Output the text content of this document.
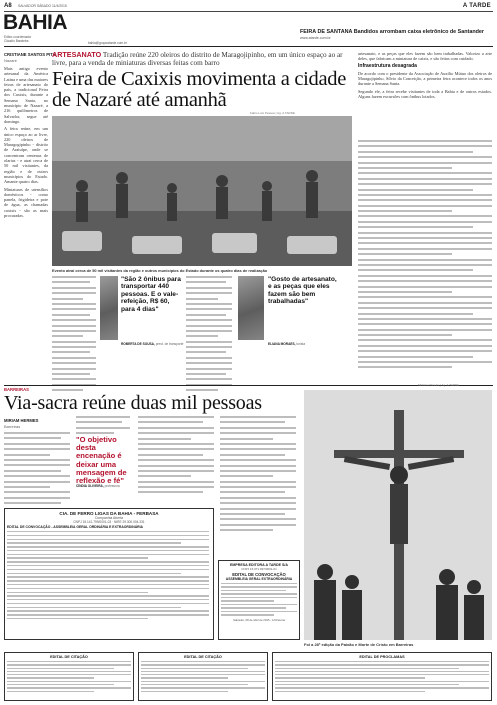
A8 SALVADOR SÁBADO 11/4/2015	A TARDE
BAHIA
Editor-coordenador
Cláudio Bandeira	bahia@grupoatarde.com.br
FEIRA DE SANTANA Bandidos arrombam caixa eletrônico de Santander www.atarde.com.br
CRISTIANE SANTOS PITA
Nazaré

Mais antigo evento artesanal da América Latina e uma das maiores feiras de artesanato do país, a tradicional Feira dos Caxixis, durante a Semana Santa, no município de Nazaré, a 216 quilômetros de Salvador, segue até domingo.

A feira reúne, em um único espaço ao ar livre, 220 oleiros de Maragogipinho - distrito de Aratuípe, onde se concentram centenas de olarias - e atrai cerca de 50 mil visitantes, da região e de outros municípios do Estado. Amante quatro dias.

Miniaturas de utensílios domésticos - como panela, frigideira e pote de água, as chamadas caxixis - são as mais procuradas.

ARTESANATO Tradição reúne 220 oleiros do distrito de Maragojipinho, em um único espaço ao ar livre, para a venda de miniaturas diversas feitas com barro
Feira de Caxixis movimenta a cidade de Nazaré até amanhã
Fabio Luís Pessoa | Ag. A TARDE
Evento atrai cerca de 50 mil visitantes da região e outros municípios do Estado durante os quatro dias de realização
"São 2 ônibus para transportar 440 pessoas. E o vale-refeição, R$ 60, para 4 dias"
ROBERTA DE SOUSA, prest. de transporte
"Gosto de artesanato, e as peças que eles fazem são bem trabalhadas"
ELIANA MORAES, turista

artesanato, e as peças que eles fazem são bem trabalhadas. Valorizo a arte deles, que fabricam a miniatura de caixis, e são feitas com cuidado.

Infraestrutura desagrada

De acordo com o presidente da Associação de Auxílio Mútuo dos oleiros de Maragojipinho, Sílvio da Conceição, a primeira feira acontece todos os anos durante a Semana Santa.

Segundo ele, a feira recebe visitantes de toda a Bahia e de outros estados. Alguns fazem excursões com ônibus lotados.

BARREIRAS
Mirtônio Pereira | Ag. A TARDE
Via-sacra reúne duas mil pessoas
MIRIAM HERMES
Barreiras
"O objetivo desta encenação é deixar uma mensagem de reflexão e fé"
CÍNDIA OLIVEIRA, professora
Foi a 28ª edição da Paixão e Morte de Cristo em Barreiras
CIA. DE FERRO LIGAS DA BAHIA - FERBASA
Companhia Aberta
CNPJ 15.141.799/0001-03 · NIRE 29.300.004.331
EDITAL DE CONVOCAÇÃO - ASSEMBLEIA GERAL ORDINÁRIA E EXTRAORDINÁRIA
EMPRESA EDITORA A TARDE S/A
CNPJ 15.071.997/0001-01
EDITAL DE CONVOCAÇÃO
ASSEMBLEIA GERAL EXTRAORDINÁRIA
Salvador, 08 de abril de 2015 - A Diretoria
EDITAL DE CITAÇÃO	EDITAL DE CITAÇÃO	EDITAL DE PROCLAMAS
